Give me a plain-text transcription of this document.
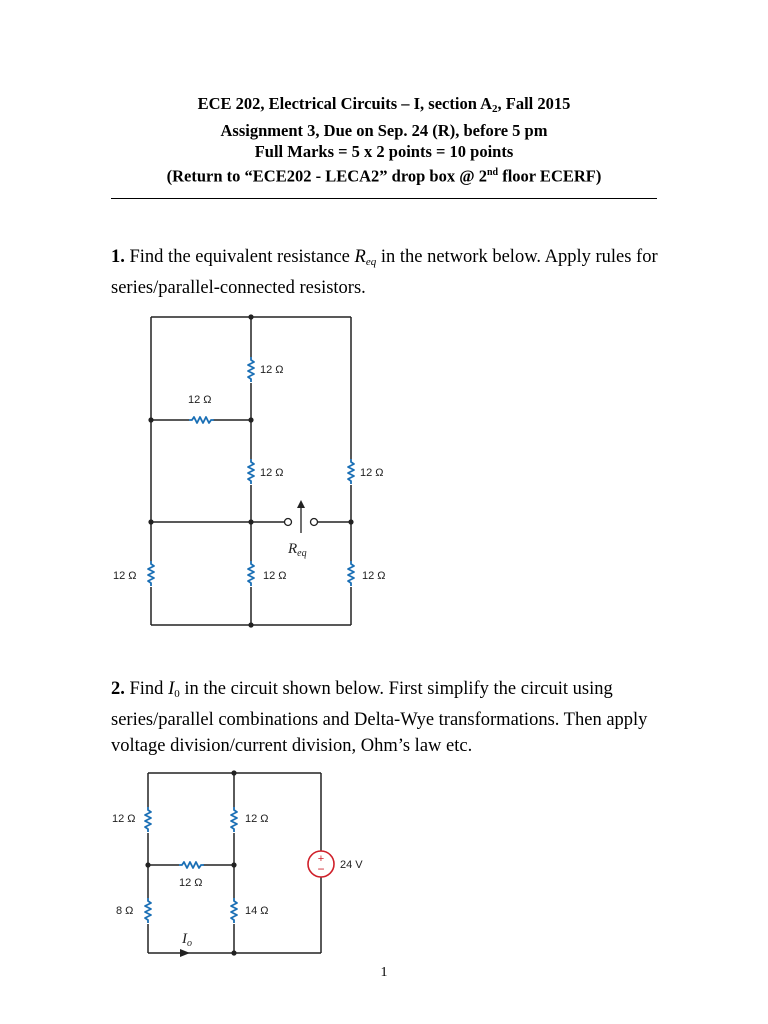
ECE 202, Electrical Circuits – I, section $A_2$, Fall 2015
Assignment 3, Due on Sep. 24 (R), before 5 pm
Full Marks = 5 x 2 points = 10 points
(Return to “ECE202 - LECA2” drop box @ 2nd floor ECERF)
1. Find the equivalent resistance $R_{eq}$ in the network below. Apply rules for series/parallel-connected resistors.
12 Ω
12 Ω
12 Ω	12 Ω
12 Ω	12 Ω	12 Ω
$R_{eq}$
2. Find $I_0$ in the circuit shown below. First simplify the circuit using series/parallel combinations and Delta-Wye transformations. Then apply voltage division/current division, Ohm’s law etc.
+
−
12 Ω	12 Ω
12 Ω
8 Ω	14 Ω
24 V
$I_o$
1
